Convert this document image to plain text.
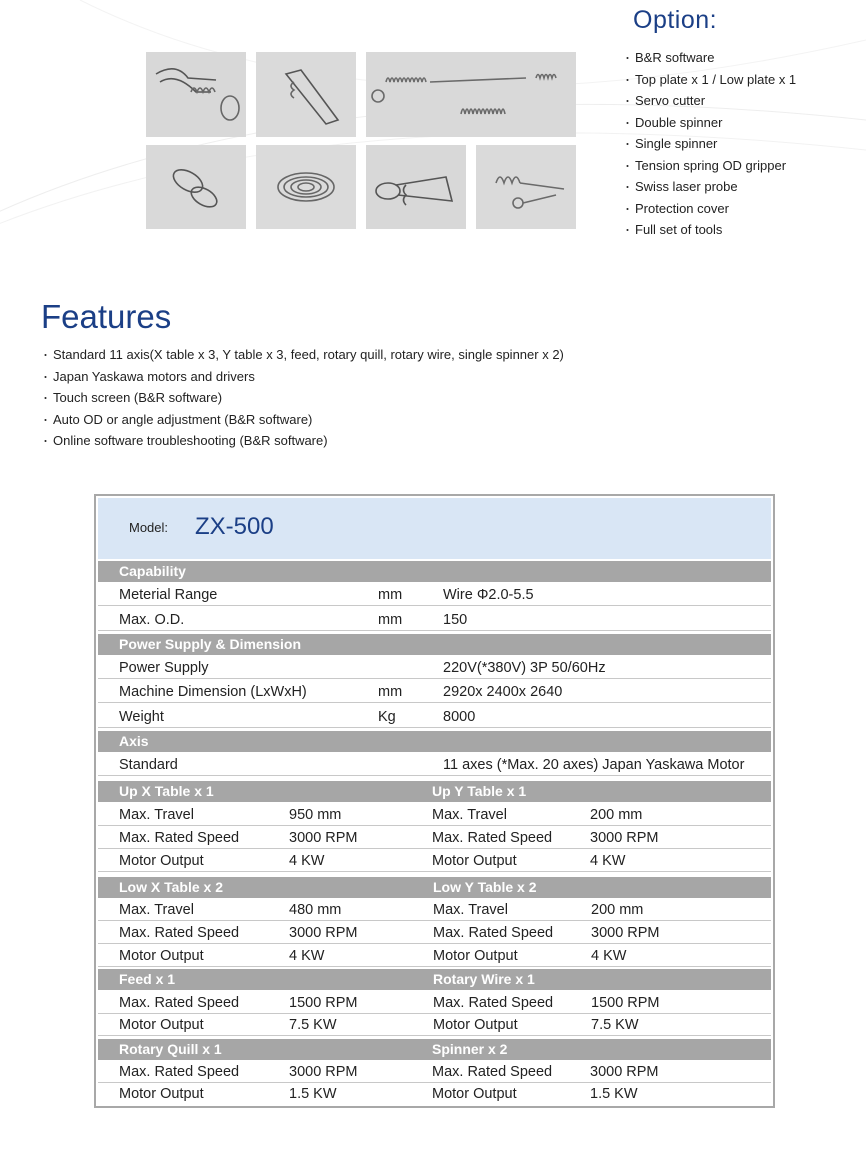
Option:
・ B&R software
・ Top plate x 1 / Low plate x 1
・ Servo cutter
・ Double spinner
・ Single spinner
・ Tension spring OD gripper
・ Swiss laser probe
・ Protection cover
・ Full set of tools
Features
・ Standard 11 axis(X table x 3, Y table x 3, feed, rotary quill, rotary wire, single spinner x 2)
・ Japan Yaskawa motors and drivers
・ Touch screen (B&R software)
・ Auto OD or angle adjustment (B&R software)
・ Online software troubleshooting (B&R software)
Model: ZX-500
Capability
Meterial Range	mm	Wire Φ2.0-5.5
Max. O.D.	mm	150
Power Supply & Dimension
Power Supply	220V(*380V) 3P 50/60Hz
Machine Dimension (LxWxH)	mm	2920x 2400x 2640
Weight	Kg	8000
Axis
Standard	11 axes (*Max. 20 axes) Japan Yaskawa Motor
Up X Table x 1	Up Y Table x 1
Max. Travel	950 mm	Max. Travel	200 mm
Max. Rated Speed	3000 RPM	Max. Rated Speed	3000 RPM
Motor Output	4 KW	Motor Output	4 KW
Low X Table x 2	Low Y Table x 2
Max. Travel	480 mm	Max. Travel	200 mm
Max. Rated Speed	3000 RPM	Max. Rated Speed	3000 RPM
Motor Output	4 KW	Motor Output	4 KW
Feed x 1	Rotary Wire x 1
Max. Rated Speed	1500 RPM	Max. Rated Speed	1500 RPM
Motor Output	7.5 KW	Motor Output	7.5 KW
Rotary Quill x 1	Spinner x 2
Max. Rated Speed	3000 RPM	Max. Rated Speed	3000 RPM
Motor Output	1.5 KW	Motor Output	1.5 KW
